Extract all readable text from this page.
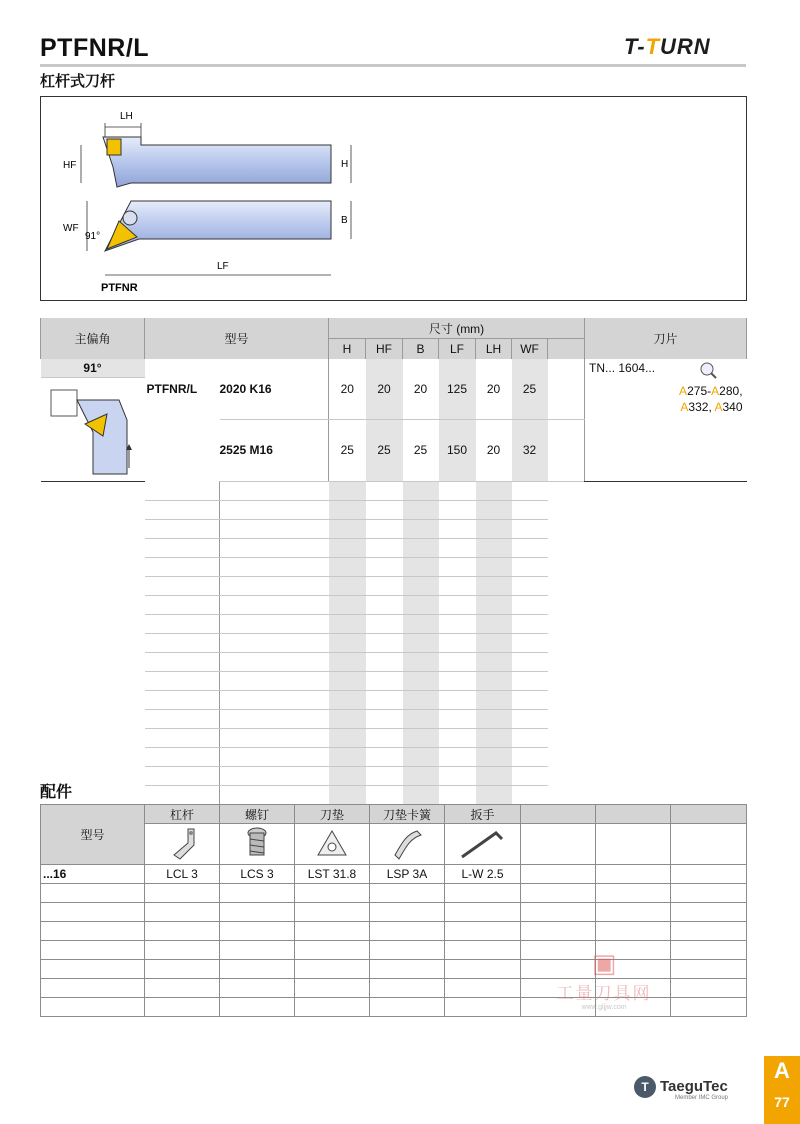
PTFNR/L
杠杆式刀杆
T-TURN
LH
HF	H
WF
91°
B
LF
PTFNR
主偏角	型号		尺寸 (mm)							刀片
			H	HF	B	LF	LH	WF		

91°	PTFNR/L	2020 K16	20	20	20	125	20	25		TN... 1604...
A275-A280,
A332, A340

		2525 M16	25	25	25	150	20	32		

配件
型号	杠杆	螺钉	刀垫	刀垫卡簧	扳手			

...16	LCL 3	LCS 3	LST 31.8	LSP 3A	L-W 2.5			

▣
工量刀具网
www.gljjw.com
T TaeguTec
Member IMC Group
A
77
